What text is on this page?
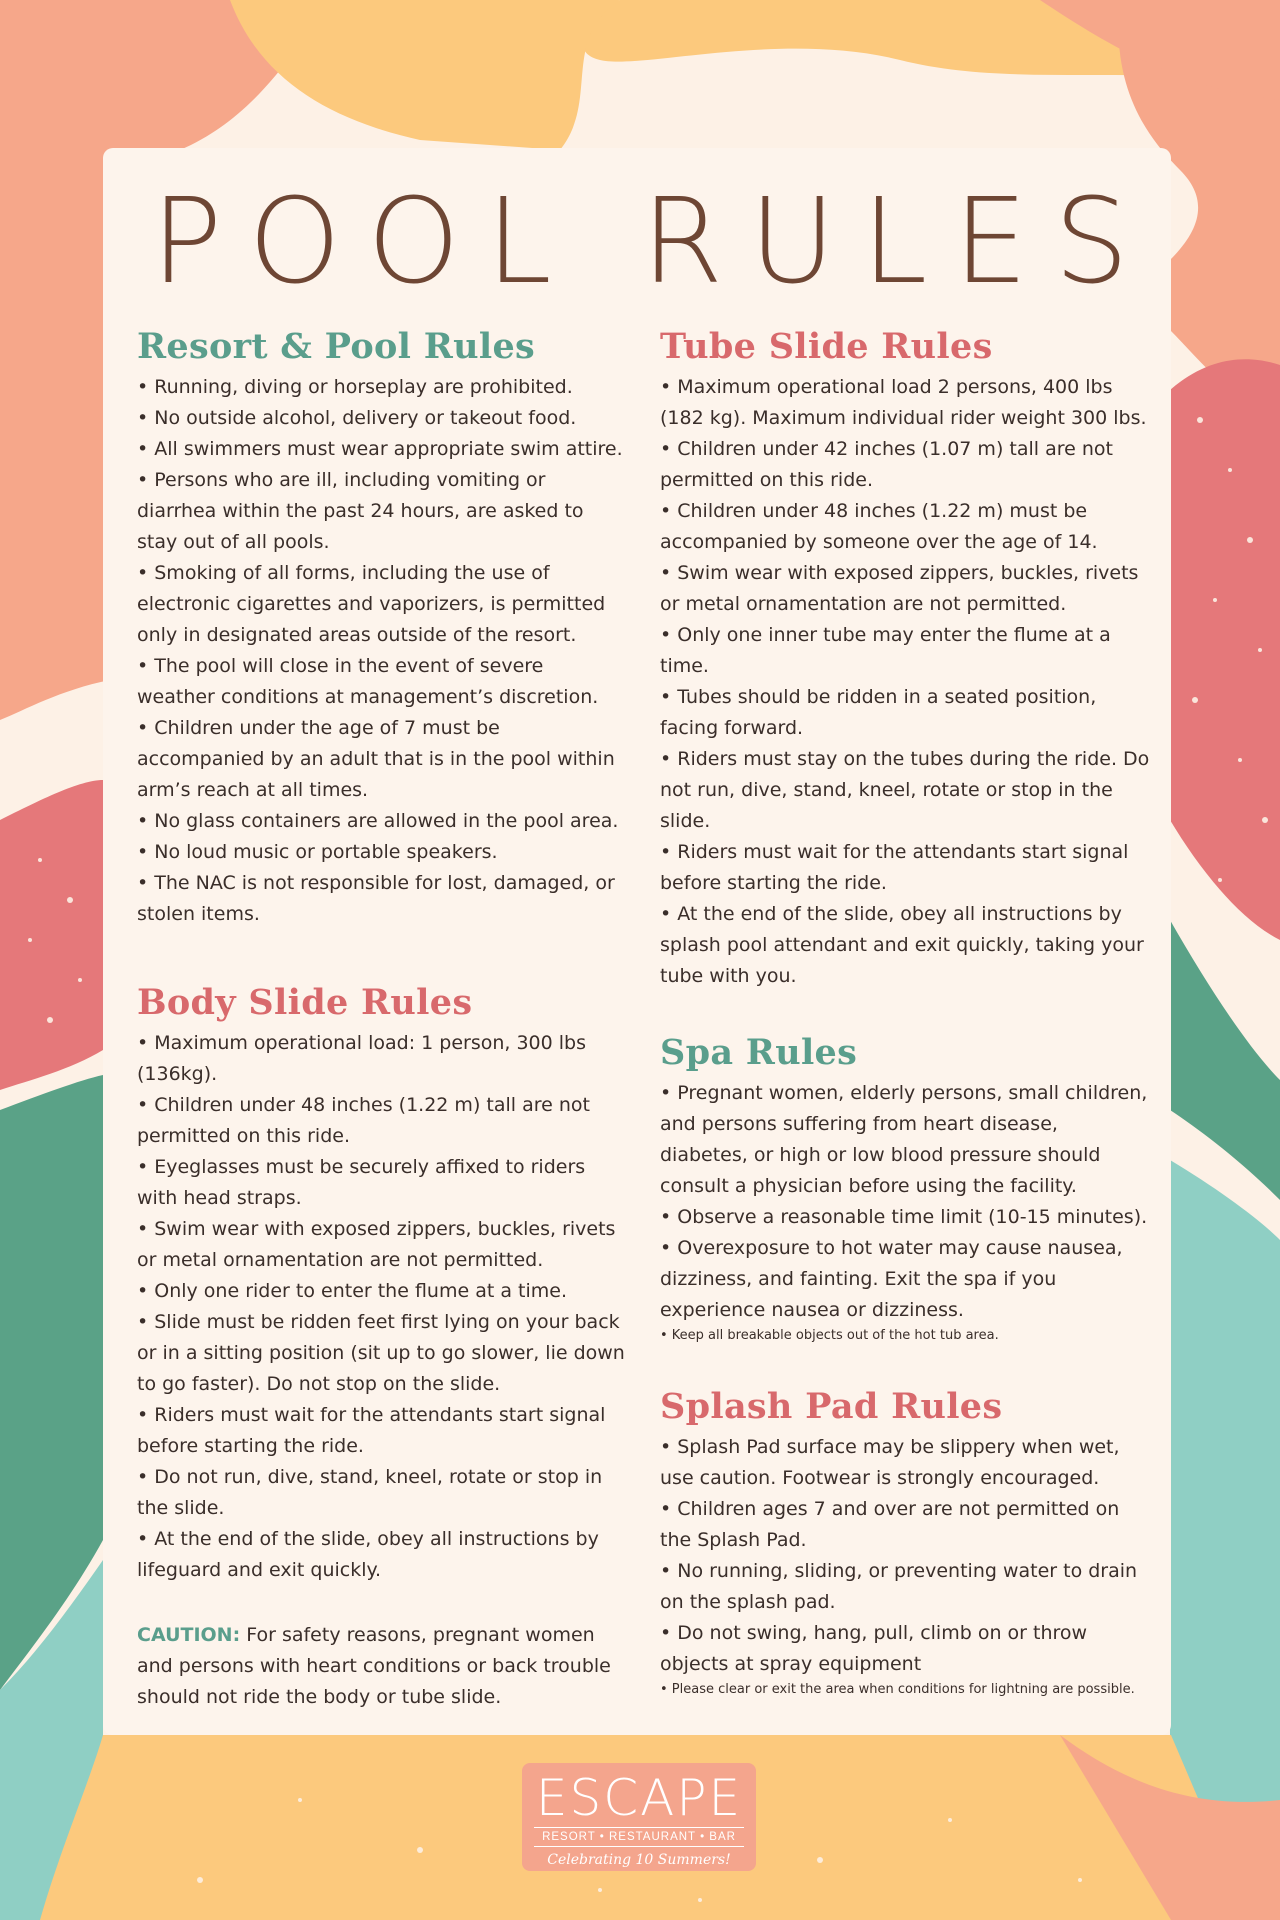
POOL RULES
Resort & Pool Rules
• Running, diving or horseplay are prohibited.
• No outside alcohol, delivery or takeout food.
• All swimmers must wear appropriate swim attire.
• Persons who are ill, including vomiting or diarrhea within the past 24 hours, are asked to stay out of all pools.
• Smoking of all forms, including the use of electronic cigarettes and vaporizers, is permitted only in designated areas outside of the resort.
• The pool will close in the event of severe weather conditions at management’s discretion.
• Children under the age of 7 must be accompanied by an adult that is in the pool within arm’s reach at all times.
• No glass containers are allowed in the pool area.
• No loud music or portable speakers.
• The NAC is not responsible for lost, damaged, or stolen items.
Body Slide Rules
• Maximum operational load: 1 person, 300 lbs (136kg).
• Children under 48 inches (1.22 m) tall are not permitted on this ride.
• Eyeglasses must be securely affixed to riders with head straps.
• Swim wear with exposed zippers, buckles, rivets or metal ornamentation are not permitted.
• Only one rider to enter the flume at a time.
• Slide must be ridden feet first lying on your back or in a sitting position (sit up to go slower, lie down to go faster). Do not stop on the slide.
• Riders must wait for the attendants start signal before starting the ride.
• Do not run, dive, stand, kneel, rotate or stop in the slide.
• At the end of the slide, obey all instructions by lifeguard and exit quickly.
CAUTION: For safety reasons, pregnant women and persons with heart conditions or back trouble should not ride the body or tube slide.
Tube Slide Rules
• Maximum operational load 2 persons, 400 lbs (182 kg). Maximum individual rider weight 300 lbs.
• Children under 42 inches (1.07 m) tall are not permitted on this ride.
• Children under 48 inches (1.22 m) must be accompanied by someone over the age of 14.
• Swim wear with exposed zippers, buckles, rivets or metal ornamentation are not permitted.
• Only one inner tube may enter the flume at a time.
• Tubes should be ridden in a seated position, facing forward.
• Riders must stay on the tubes during the ride. Do not run, dive, stand, kneel, rotate or stop in the slide.
• Riders must wait for the attendants start signal before starting the ride.
• At the end of the slide, obey all instructions by splash pool attendant and exit quickly, taking your tube with you.
Spa Rules
• Pregnant women, elderly persons, small children, and persons suffering from heart disease, diabetes, or high or low blood pressure should consult a physician before using the facility.
• Observe a reasonable time limit (10-15 minutes). • Overexposure to hot water may cause nausea, dizziness, and fainting. Exit the spa if you experience nausea or dizziness.
• Keep all breakable objects out of the hot tub area.
Splash Pad Rules
• Splash Pad surface may be slippery when wet, use caution. Footwear is strongly encouraged.
• Children ages 7 and over are not permitted on the Splash Pad.
• No running, sliding, or preventing water to drain on the splash pad.
• Do not swing, hang, pull, climb on or throw objects at spray equipment
• Please clear or exit the area when conditions for lightning are possible.
ESCAPE
RESORT • RESTAURANT • BAR
Celebrating 10 Summers!
